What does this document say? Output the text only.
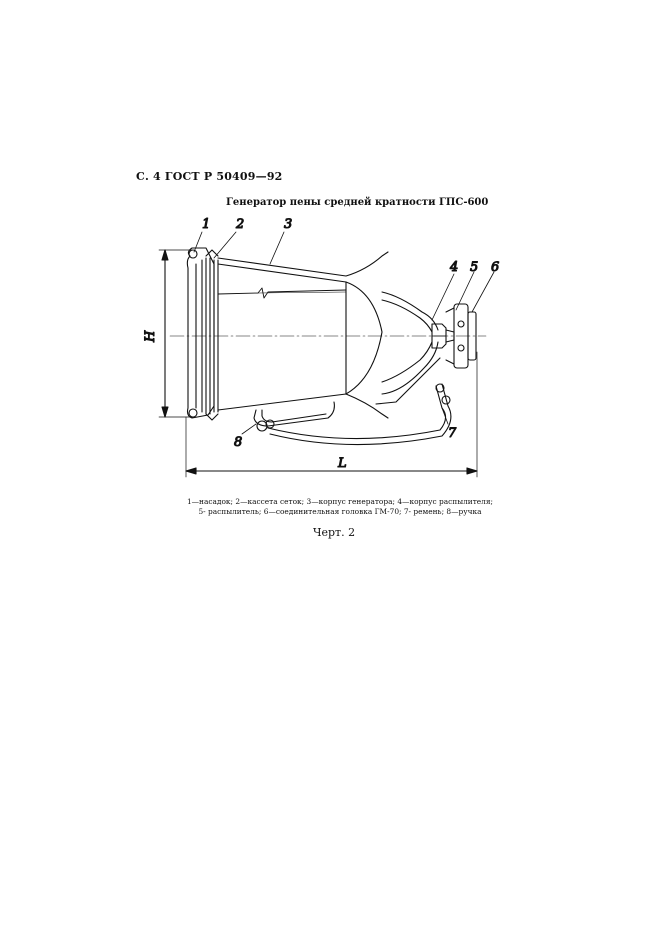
С. 4 ГОСТ Р 50409—92
Генератор пены средней кратности ГПС-600
H
L
1 2	3
4 5 6
7
8
1—насадок; 2—кассета сеток; 3—корпус генератора; 4—корпус распылителя;
5- распылитель; 6—соединительная головка ГМ-70; 7- ремень; 8—ручка
Черт. 2
